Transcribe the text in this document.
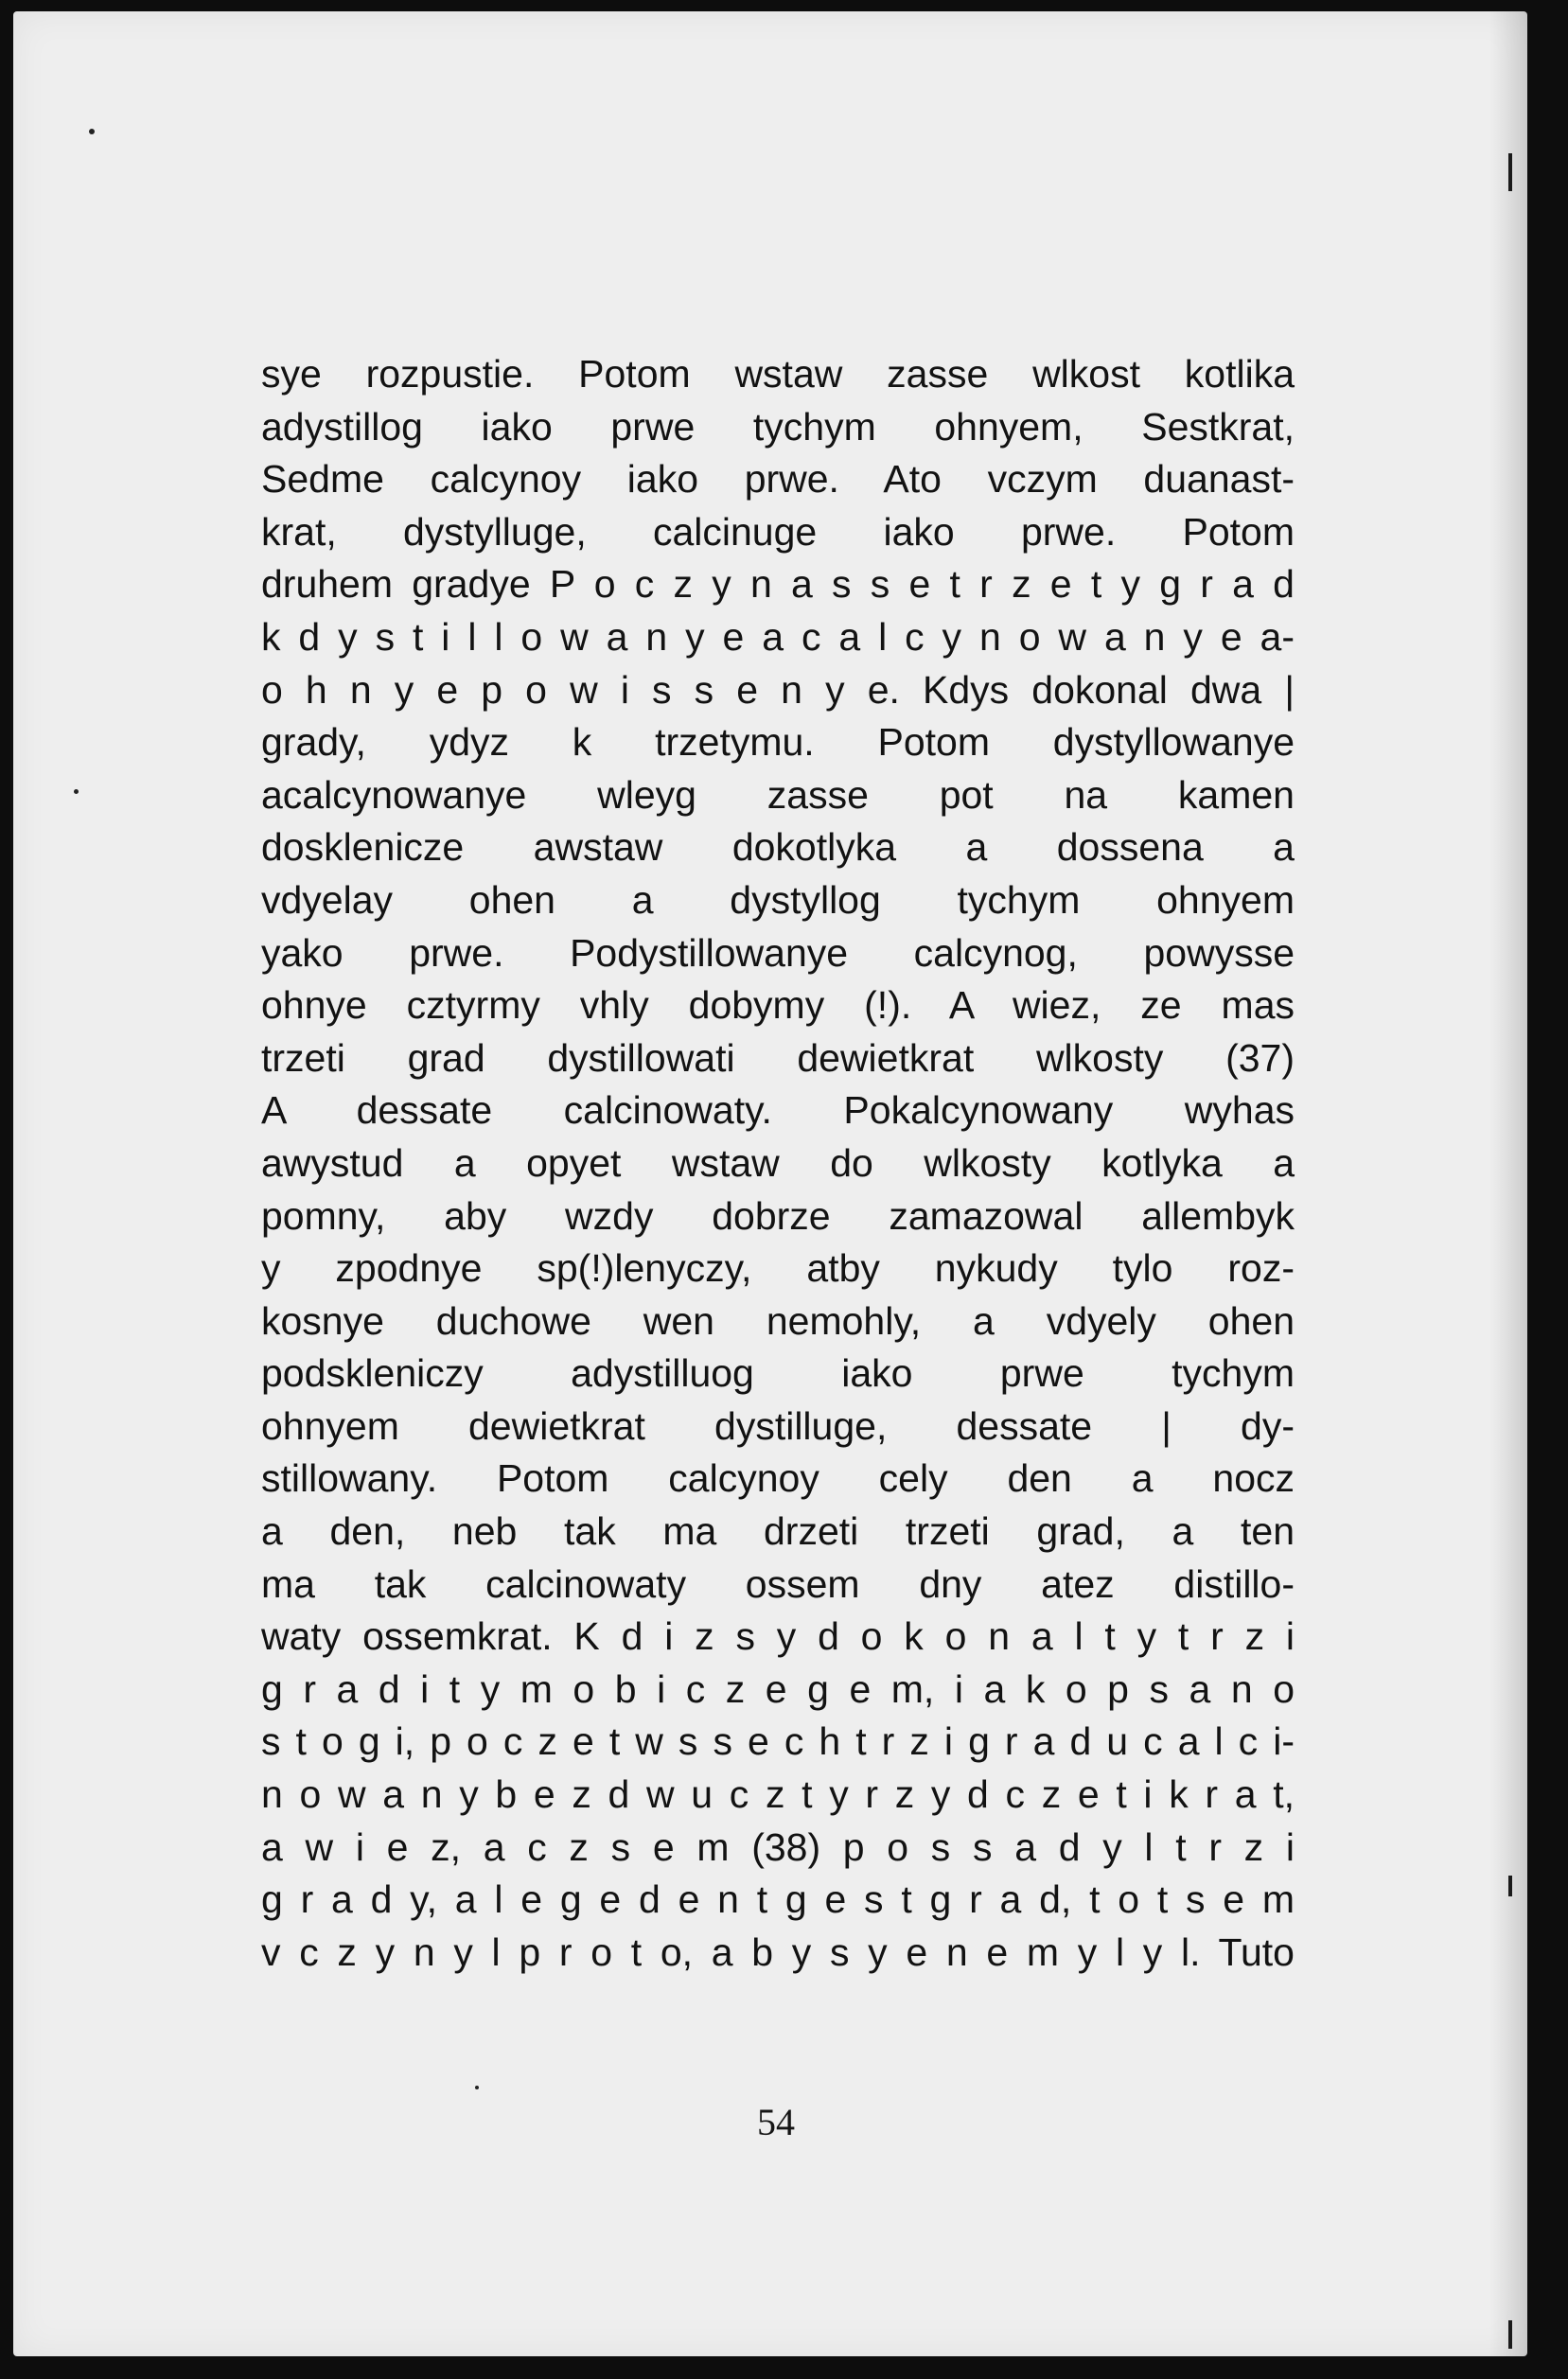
sye rozpustie. Potom wstaw zasse wlkost kotlika
adystillog iako prwe tychym ohnyem, Sestkrat,
Sedme calcynoy iako prwe. Ato vczym duanast-
krat, dystylluge, calcinuge iako prwe. Potom
druhem gradye P o c z y n a s s e t r z e t y g r a d
k d y s t i l l o w a n y e a c a l c y n o w a n y e a-
o h n y e p o w i s s e n y e. Kdys dokonal dwa |
grady, ydyz k trzetymu. Potom dystyllowanye
acalcynowanye wleyg zasse pot na kamen
dosklenicze awstaw dokotlyka a dossena a
vdyelay ohen a dystyllog tychym ohnyem
yako prwe. Podystillowanye calcynog, powysse
ohnye cztyrmy vhly dobymy (!). A wiez, ze mas
trzeti grad dystillowati dewietkrat wlkosty (37)
A dessate calcinowaty. Pokalcynowany wyhas
awystud a opyet wstaw do wlkosty kotlyka a
pomny, aby wzdy dobrze zamazowal allembyk
y zpodnye sp(!)lenyczy, atby nykudy tylo roz-
kosnye duchowe wen nemohly, a vdyely ohen
podskleniczy adystilluog iako prwe tychym
ohnyem dewietkrat dystilluge, dessate | dy-
stillowany. Potom calcynoy cely den a nocz
a den, neb tak ma drzeti trzeti grad, a ten
ma tak calcinowaty ossem dny atez distillo-
waty ossemkrat. K d i z s y d o k o n a l t y t r z i
g r a d i t y m o b i c z e g e m, i a k o p s a n o
s t o g i, p o c z e t w s s e c h t r z i g r a d u c a l c i-
n o w a n y b e z d w u c z t y r z y d c z e t i k r a t,
a w i e z, a c z s e m (38) p o s s a d y l t r z i
g r a d y, a l e g e d e n t g e s t g r a d, t o t s e m
v c z y n y l p r o t o, a b y s y e n e m y l y l. Tuto
54
